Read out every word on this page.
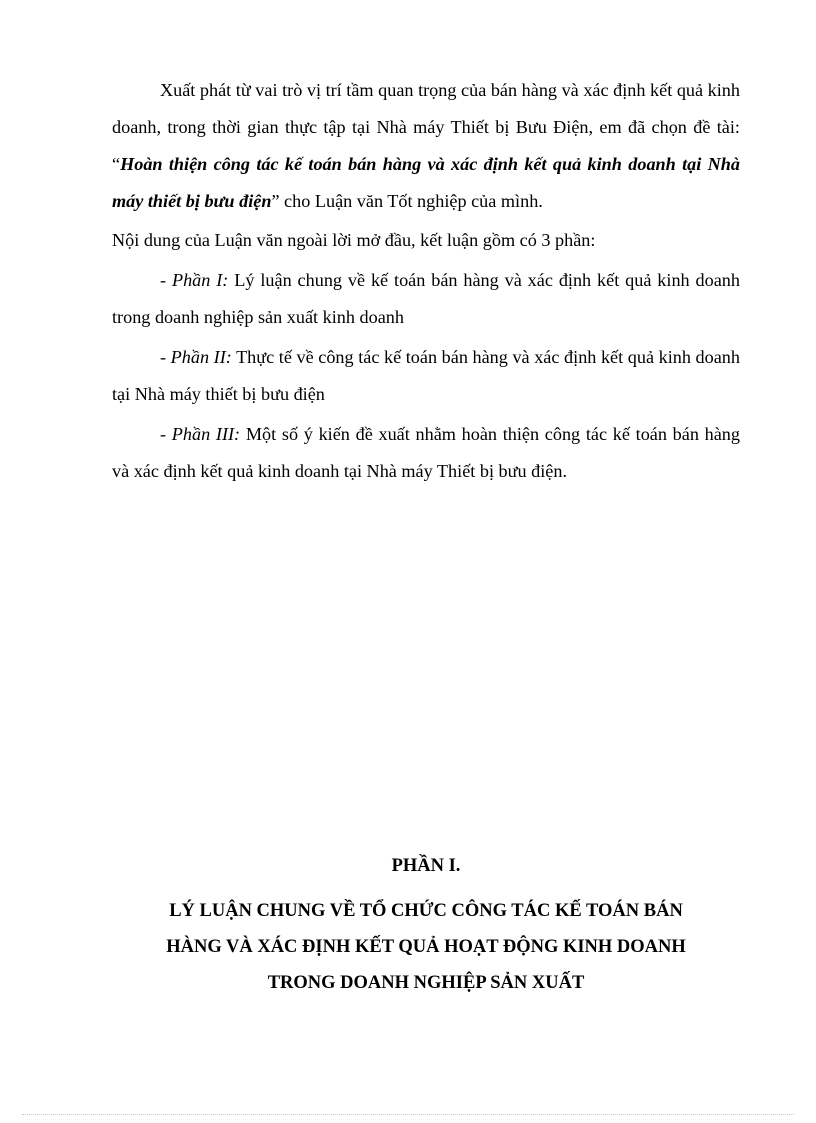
Xuất phát từ vai trò vị trí tầm quan trọng của bán hàng và xác định kết quả kinh doanh, trong thời gian thực tập tại Nhà máy Thiết bị Bưu Điện, em đã chọn đề tài: “Hoàn thiện công tác kế toán bán hàng và xác định kết quả kinh doanh tại Nhà máy thiết bị bưu điện” cho Luận văn Tốt nghiệp của mình.

Nội dung của Luận văn ngoài lời mở đầu, kết luận gồm có 3 phần:

- Phần I: Lý luận chung về kế toán bán hàng và xác định kết quả kinh doanh trong doanh nghiệp sản xuất kinh doanh

- Phần II: Thực tế về công tác kế toán bán hàng và xác định kết quả kinh doanh tại Nhà máy thiết bị bưu điện

- Phần III: Một số ý kiến đề xuất nhằm hoàn thiện công tác kế toán bán hàng và xác định kết quả kinh doanh tại Nhà máy Thiết bị bưu điện.

PHẦN I.
LÝ LUẬN CHUNG VỀ TỔ CHỨC CÔNG TÁC KẾ TOÁN BÁN
HÀNG VÀ XÁC ĐỊNH KẾT QUẢ HOẠT ĐỘNG KINH DOANH
TRONG DOANH NGHIỆP SẢN XUẤT
